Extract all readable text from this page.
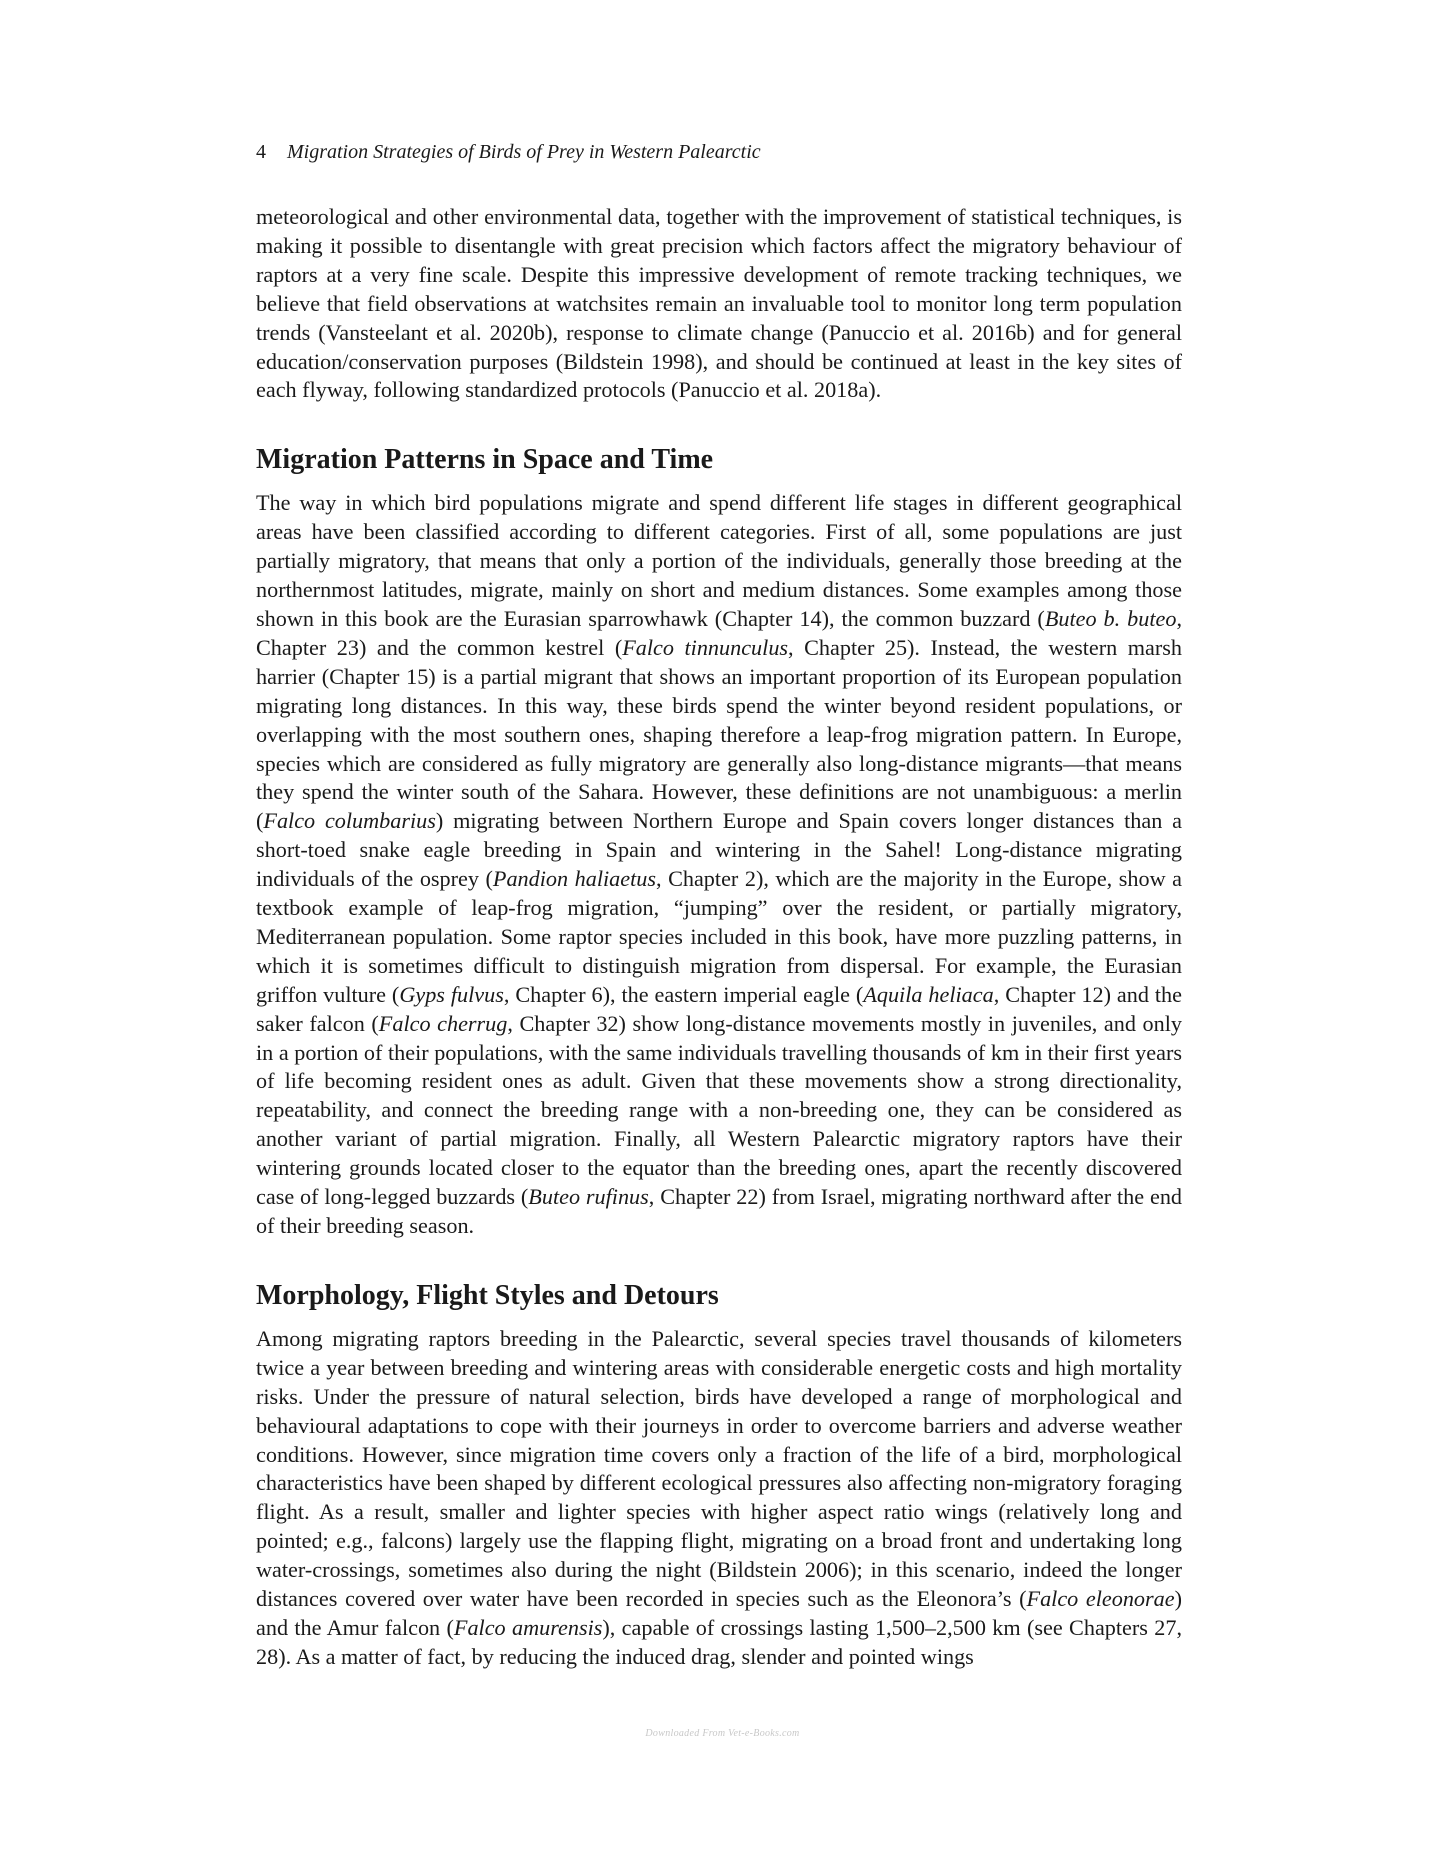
4 Migration Strategies of Birds of Prey in Western Palearctic

meteorological and other environmental data, together with the improvement of statistical techniques, is making it possible to disentangle with great precision which factors affect the migratory behaviour of raptors at a very fine scale. Despite this impressive development of remote tracking techniques, we believe that field observations at watchsites remain an invaluable tool to monitor long term population trends (Vansteelant et al. 2020b), response to climate change (Panuccio et al. 2016b) and for general education/conservation purposes (Bildstein 1998), and should be continued at least in the key sites of each flyway, following standardized protocols (Panuccio et al. 2018a).

Migration Patterns in Space and Time

The way in which bird populations migrate and spend different life stages in different geographical areas have been classified according to different categories. First of all, some populations are just partially migratory, that means that only a portion of the individuals, generally those breeding at the northernmost latitudes, migrate, mainly on short and medium distances. Some examples among those shown in this book are the Eurasian sparrowhawk (Chapter 14), the common buzzard (Buteo b. buteo, Chapter 23) and the common kestrel (Falco tinnunculus, Chapter 25). Instead, the western marsh harrier (Chapter 15) is a partial migrant that shows an important proportion of its European population migrating long distances. In this way, these birds spend the winter beyond resident populations, or overlapping with the most southern ones, shaping therefore a leap-frog migration pattern. In Europe, species which are considered as fully migratory are generally also long-distance migrants—that means they spend the winter south of the Sahara. However, these definitions are not unambiguous: a merlin (Falco columbarius) migrating between Northern Europe and Spain covers longer distances than a short-toed snake eagle breeding in Spain and wintering in the Sahel! Long-distance migrating individuals of the osprey (Pandion haliaetus, Chapter 2), which are the majority in the Europe, show a textbook example of leap-frog migration, “jumping” over the resident, or partially migratory, Mediterranean population. Some raptor species included in this book, have more puzzling patterns, in which it is sometimes difficult to distinguish migration from dispersal. For example, the Eurasian griffon vulture (Gyps fulvus, Chapter 6), the eastern imperial eagle (Aquila heliaca, Chapter 12) and the saker falcon (Falco cherrug, Chapter 32) show long-distance movements mostly in juveniles, and only in a portion of their populations, with the same individuals travelling thousands of km in their first years of life becoming resident ones as adult. Given that these movements show a strong directionality, repeatability, and connect the breeding range with a non-breeding one, they can be considered as another variant of partial migration. Finally, all Western Palearctic migratory raptors have their wintering grounds located closer to the equator than the breeding ones, apart the recently discovered case of long-legged buzzards (Buteo rufinus, Chapter 22) from Israel, migrating northward after the end of their breeding season.

Morphology, Flight Styles and Detours

Among migrating raptors breeding in the Palearctic, several species travel thousands of kilometers twice a year between breeding and wintering areas with considerable energetic costs and high mortality risks. Under the pressure of natural selection, birds have developed a range of morphological and behavioural adaptations to cope with their journeys in order to overcome barriers and adverse weather conditions. However, since migration time covers only a fraction of the life of a bird, morphological characteristics have been shaped by different ecological pressures also affecting non-migratory foraging flight. As a result, smaller and lighter species with higher aspect ratio wings (relatively long and pointed; e.g., falcons) largely use the flapping flight, migrating on a broad front and undertaking long water-crossings, sometimes also during the night (Bildstein 2006); in this scenario, indeed the longer distances covered over water have been recorded in species such as the Eleonora’s (Falco eleonorae) and the Amur falcon (Falco amurensis), capable of crossings lasting 1,500–2,500 km (see Chapters 27, 28). As a matter of fact, by reducing the induced drag, slender and pointed wings

Downloaded From Vet-e-Books.com
